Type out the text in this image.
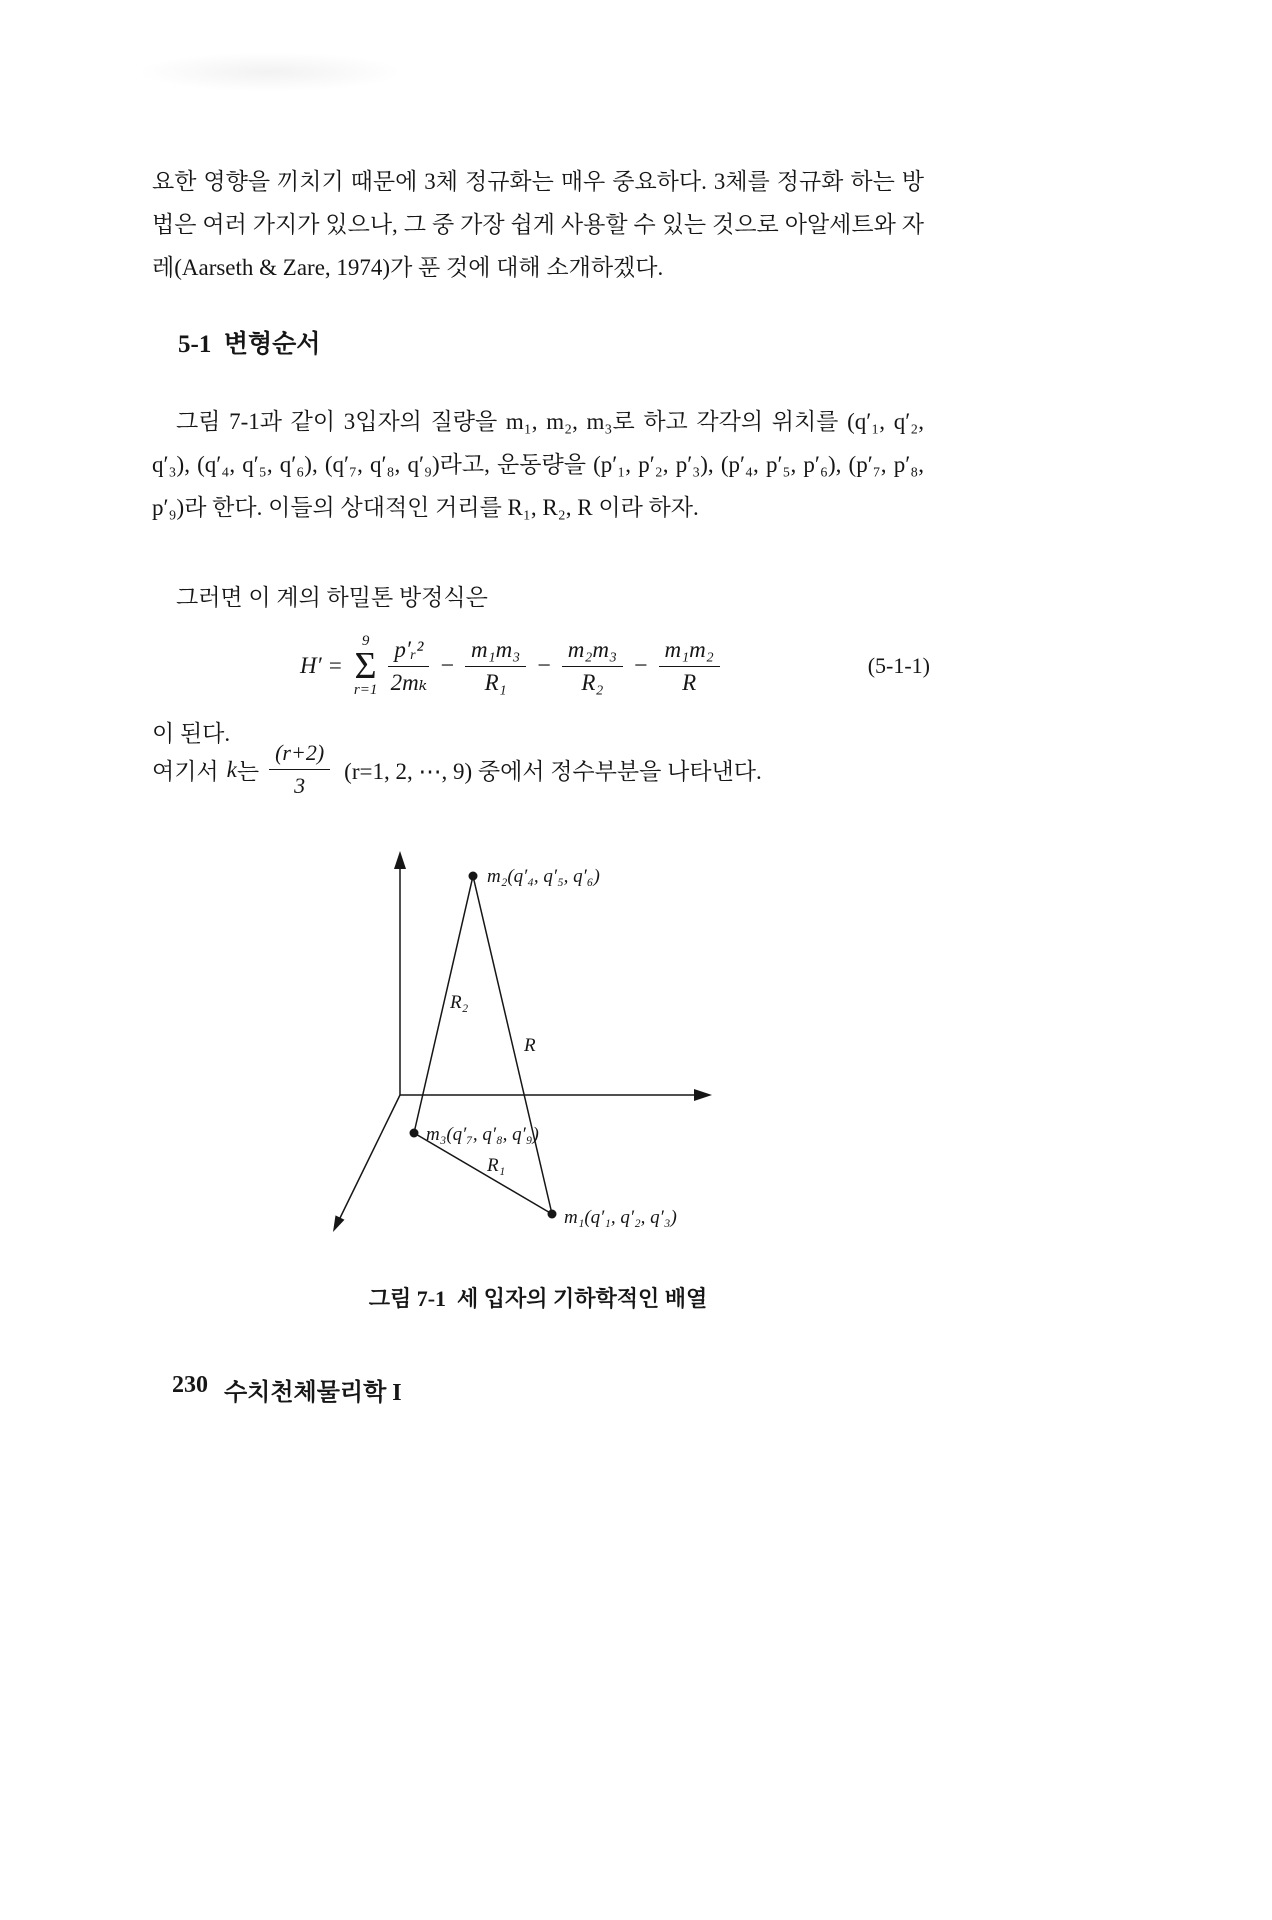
요한 영향을 끼치기 때문에 3체 정규화는 매우 중요하다. 3체를 정규화 하는 방법은 여러 가지가 있으나, 그 중 가장 쉽게 사용할 수 있는 것으로 아알세트와 자레(Aarseth & Zare, 1974)가 푼 것에 대해 소개하겠다.

5-1  변형순서

그림 7-1과 같이 3입자의 질량을 m₁, m₂, m₃로 하고 각각의 위치를 (q′₁, q′₂, q′₃), (q′₄, q′₅, q′₆), (q′₇, q′₈, q′₉)라고, 운동량을 (p′₁, p′₂, p′₃), (p′₄, p′₅, p′₆), (p′₇, p′₈, p′₉)라 한다. 이들의 상대적인 거리를 R₁, R₂, R 이라 하자.

그러면 이 계의 하밀톤 방정식은

H′ =
9
Σ
$r=1 \frac{\text{p′ᵣ²}}{\text{2mₖ}} - \frac{\text{m₁m₃}}{\text{R₁}} - \frac{\text{m₂m₃}}{\text{R₂}} - \frac{\text{m₁m₂}}{R}$	(5-1-1)

이 된다.

여기서 k 는 $\frac{(r+2)}{3} (r=1$, 2, ⋯, 9) 중에서 정수부분을 나타낸다.

m₂(q′₄, q′₅, q′₆)
R₂
R
m₃(q′₇, q′₈, q′₉)
R₁
m₁(q′₁, q′₂, q′₃)

그림 7-1  세 입자의 기하학적인 배열

230 수치천체물리학 I
